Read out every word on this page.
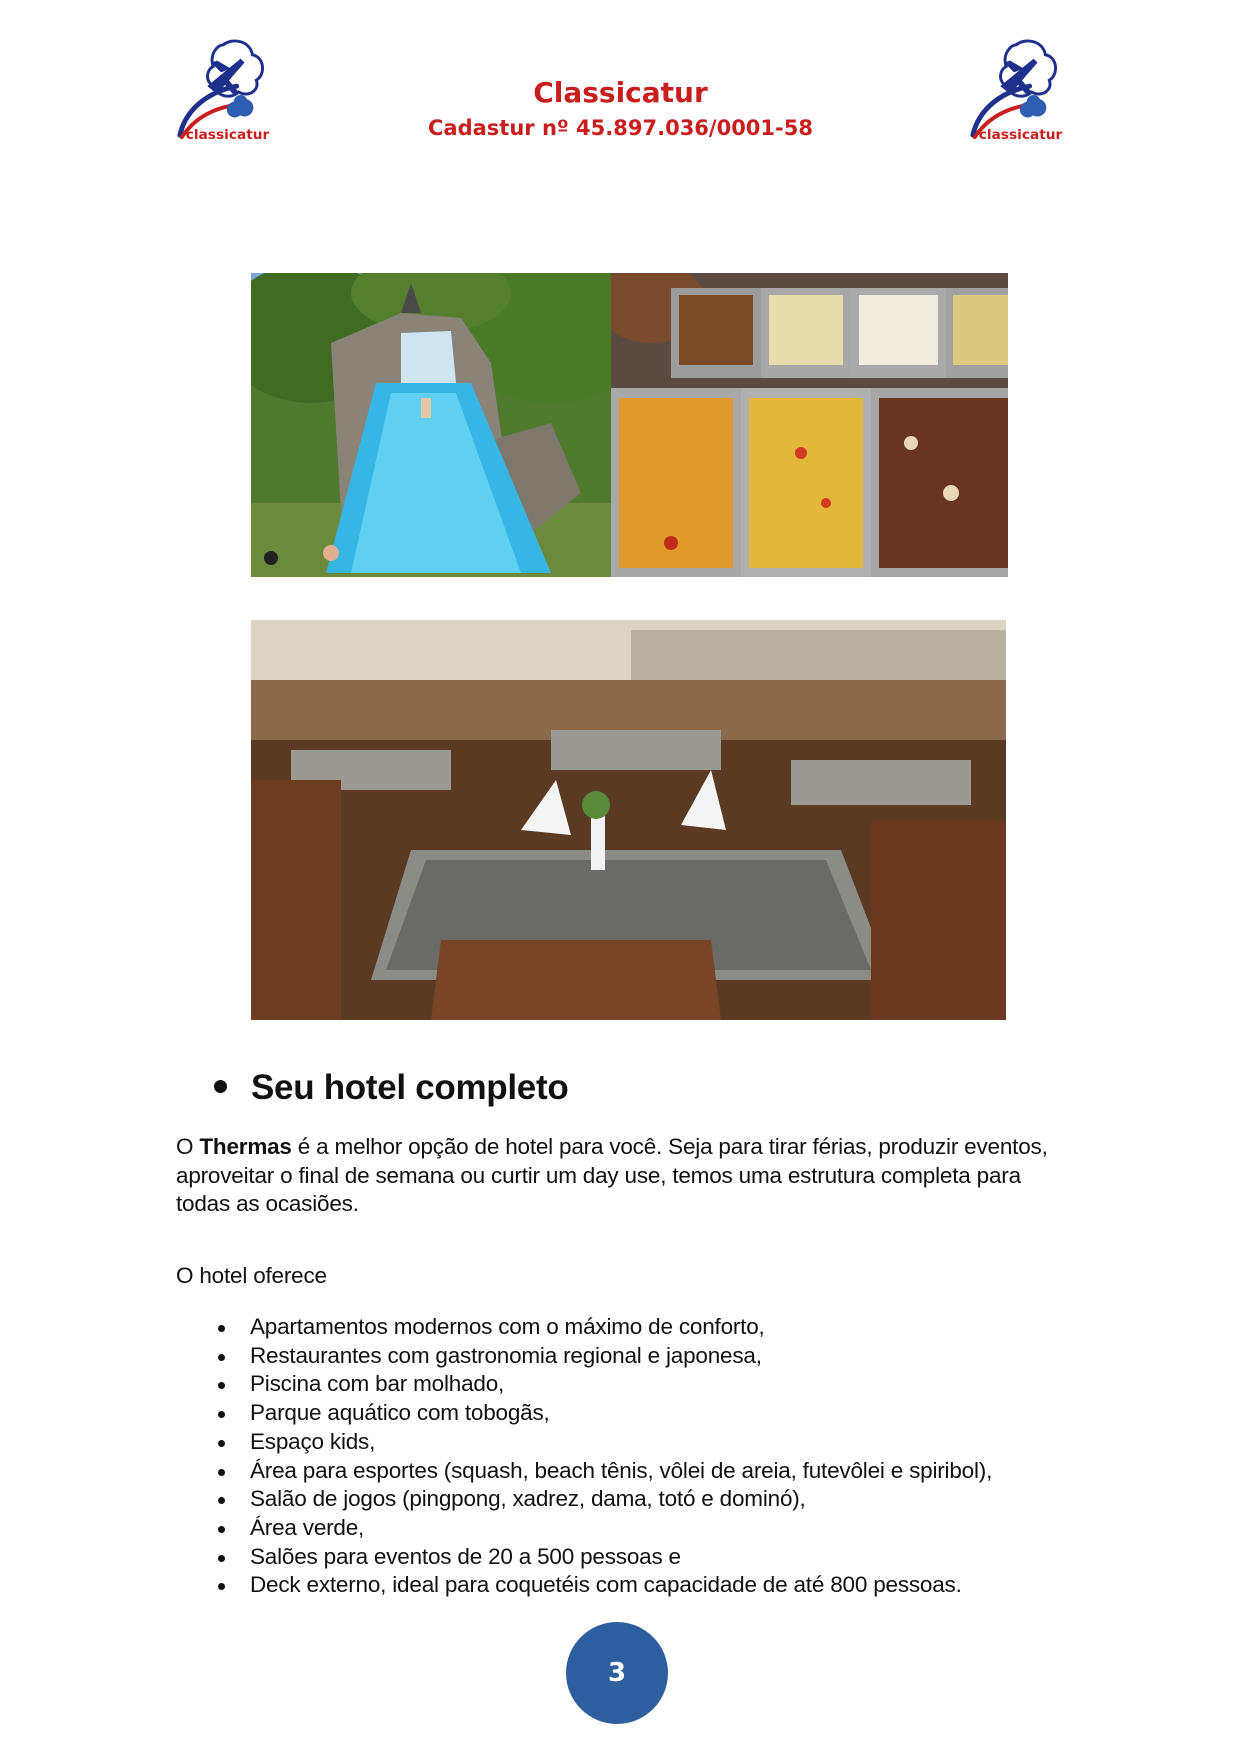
classicatur	classicatur
Classicatur
Cadastur nº 45.897.036/0001-58
Seu hotel completo
O Thermas é a melhor opção de hotel para você. Seja para tirar férias, produzir eventos, aproveitar o final de semana ou curtir um day use, temos uma estrutura completa para todas as ocasiões.
O hotel oferece
Apartamentos modernos com o máximo de conforto,
Restaurantes com gastronomia regional e japonesa,
Piscina com bar molhado,
Parque aquático com tobogãs,
Espaço kids,
Área para esportes (squash, beach tênis, vôlei de areia, futevôlei e spiribol),
Salão de jogos (pingpong, xadrez, dama, totó e dominó),
Área verde,
Salões para eventos de 20 a 500 pessoas e
Deck externo, ideal para coquetéis com capacidade de até 800 pessoas.
3
